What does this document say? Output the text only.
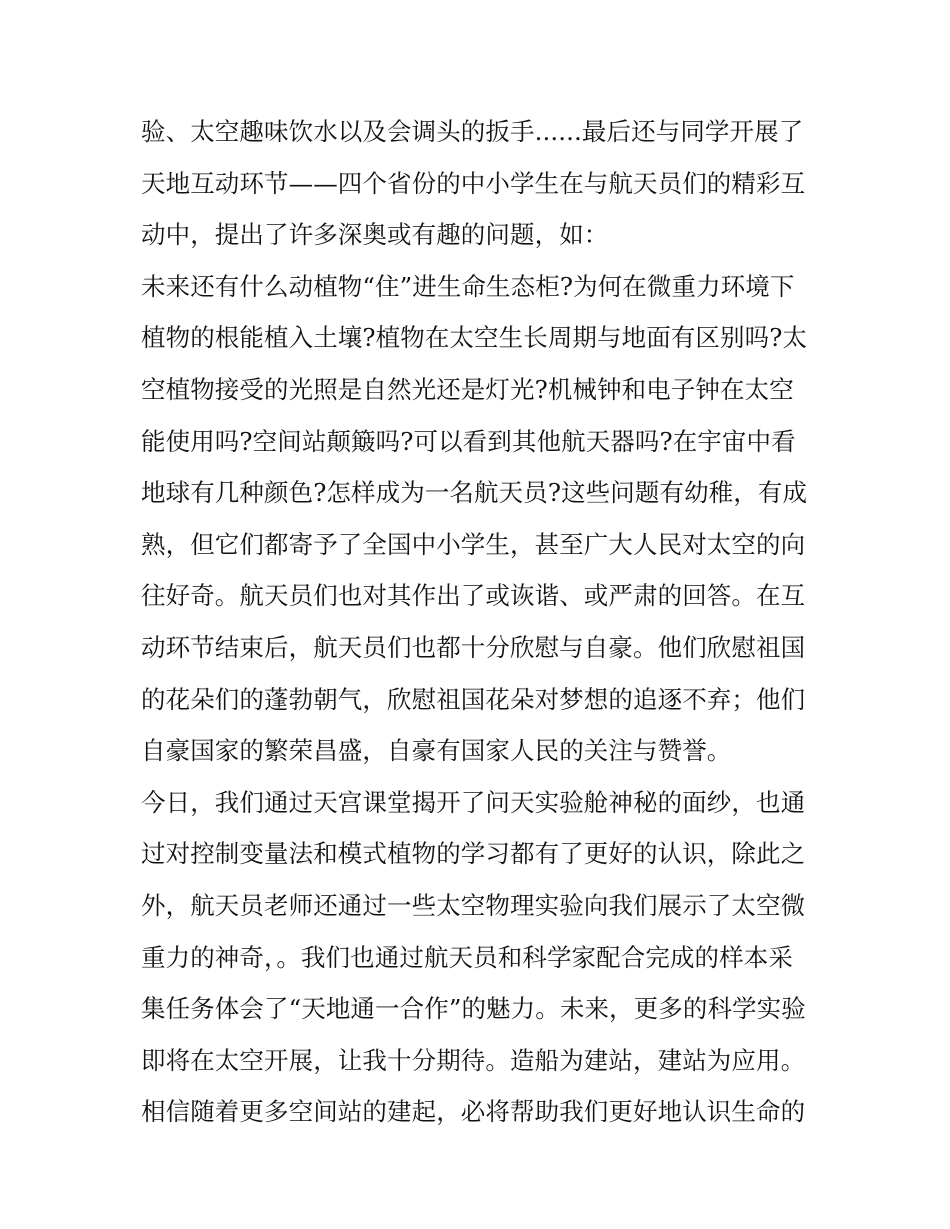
验、太空趣味饮水以及会调头的扳手......最后还与同学开展了
天地互动环节——四个省份的中小学生在与航天员们的精彩互
动中，提出了许多深奥或有趣的问题，如：
未来还有什么动植物“住”进生命生态柜?为何在微重力环境下
植物的根能植入土壤?植物在太空生长周期与地面有区别吗?太
空植物接受的光照是自然光还是灯光?机械钟和电子钟在太空
能使用吗?空间站颠簸吗?可以看到其他航天器吗?在宇宙中看
地球有几种颜色?怎样成为一名航天员?这些问题有幼稚，有成
熟，但它们都寄予了全国中小学生，甚至广大人民对太空的向
往好奇。航天员们也对其作出了或诙谐、或严肃的回答。在互
动环节结束后，航天员们也都十分欣慰与自豪。他们欣慰祖国
的花朵们的蓬勃朝气，欣慰祖国花朵对梦想的追逐不弃；他们
自豪国家的繁荣昌盛，自豪有国家人民的关注与赞誉。
今日，我们通过天宫课堂揭开了问天实验舱神秘的面纱，也通
过对控制变量法和模式植物的学习都有了更好的认识，除此之
外，航天员老师还通过一些太空物理实验向我们展示了太空微
重力的神奇，。我们也通过航天员和科学家配合完成的样本采
集任务体会了“天地通一合作”的魅力。未来，更多的科学实验
即将在太空开展，让我十分期待。造船为建站，建站为应用。
相信随着更多空间站的建起，必将帮助我们更好地认识生命的
